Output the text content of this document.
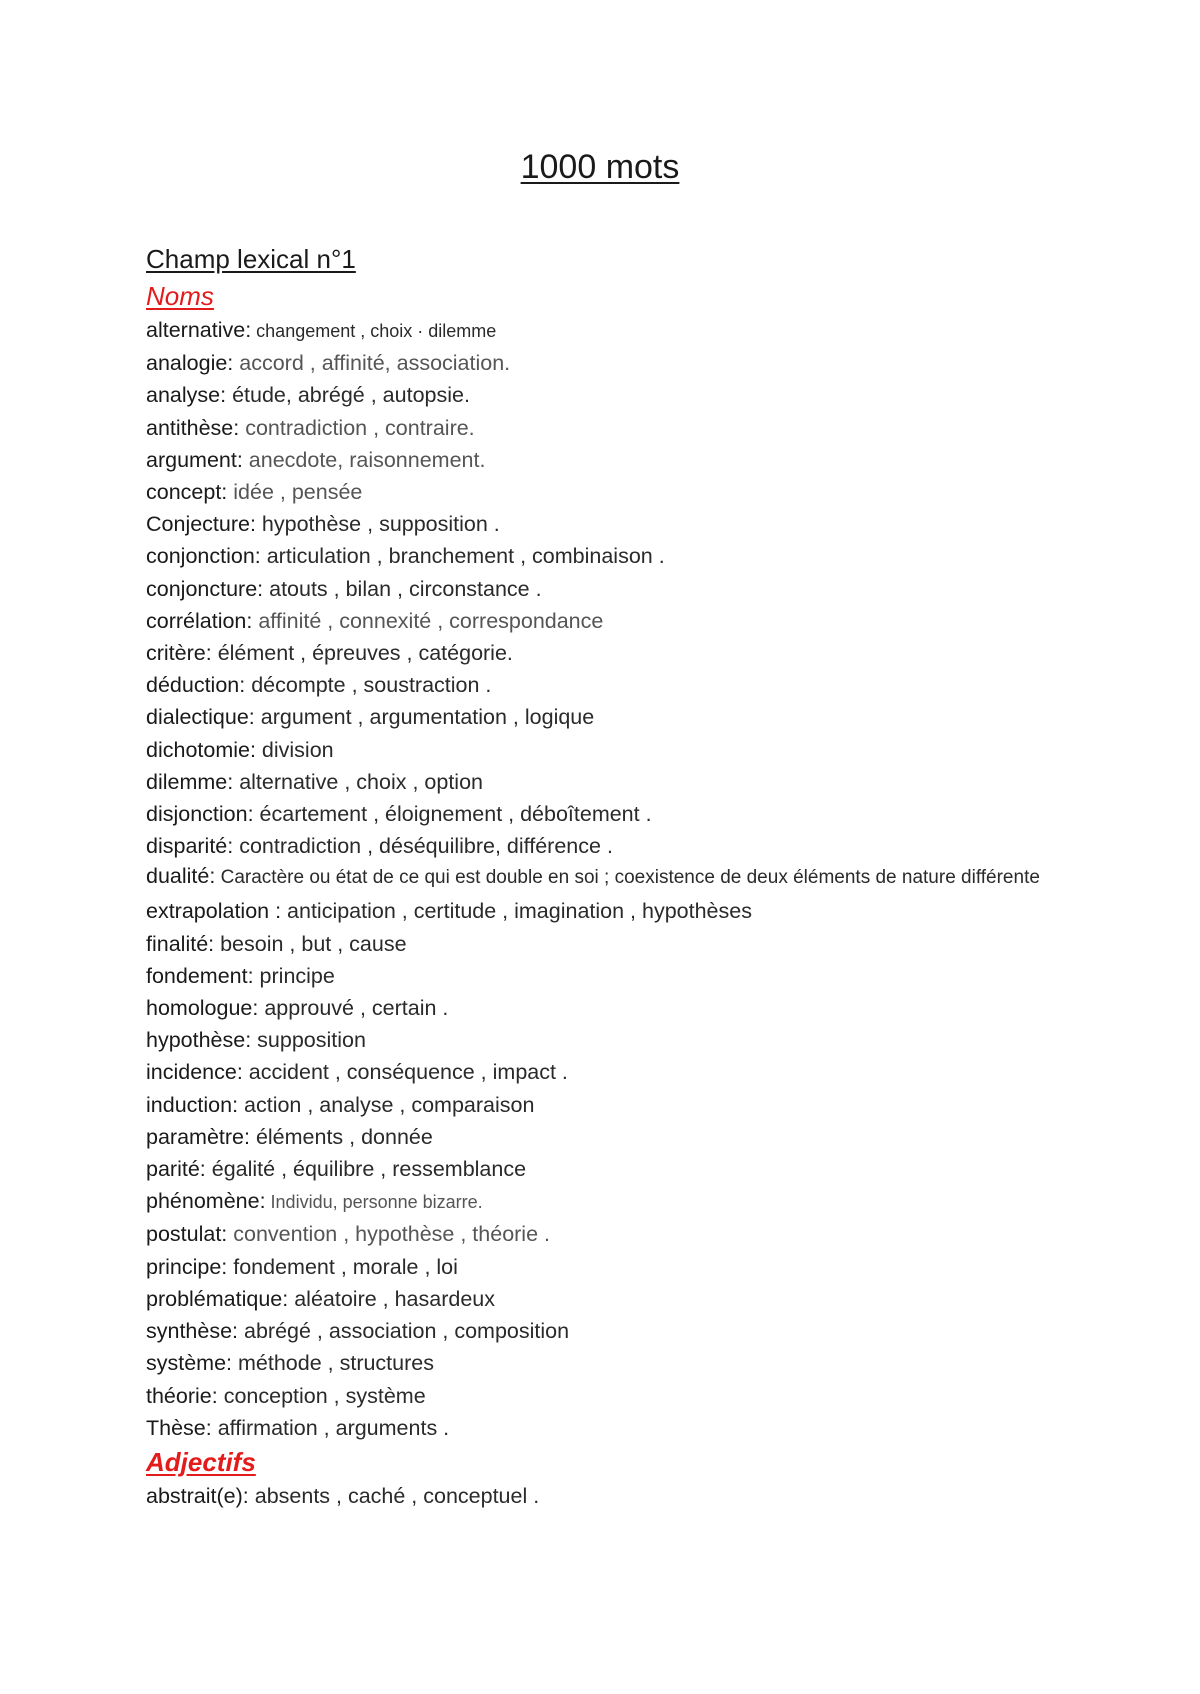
1000 mots
Champ lexical n°1
Noms
alternative: changement , choix · dilemme
analogie: accord , affinité, association.
analyse: étude, abrégé , autopsie.
antithèse: contradiction , contraire.
argument: anecdote, raisonnement.
concept: idée , pensée
Conjecture: hypothèse , supposition .
conjonction: articulation , branchement , combinaison .
conjoncture: atouts , bilan , circonstance .
corrélation: affinité , connexité , correspondance
critère: élément , épreuves , catégorie.
déduction: décompte , soustraction .
dialectique: argument , argumentation , logique
dichotomie: division
dilemme: alternative , choix , option
disjonction: écartement , éloignement , déboîtement .
disparité: contradiction , déséquilibre, différence .
dualité: Caractère ou état de ce qui est double en soi ; coexistence de deux éléments de nature différente
extrapolation : anticipation , certitude , imagination , hypothèses
finalité: besoin , but , cause
fondement: principe
homologue: approuvé , certain .
hypothèse: supposition
incidence: accident , conséquence , impact .
induction: action , analyse , comparaison
paramètre: éléments , donnée
parité: égalité , équilibre , ressemblance
phénomène: Individu, personne bizarre.
postulat: convention , hypothèse , théorie .
principe: fondement , morale , loi
problématique: aléatoire , hasardeux
synthèse: abrégé , association , composition
système: méthode , structures
théorie: conception , système
Thèse: affirmation , arguments .
Adjectifs
abstrait(e): absents , caché , conceptuel .
